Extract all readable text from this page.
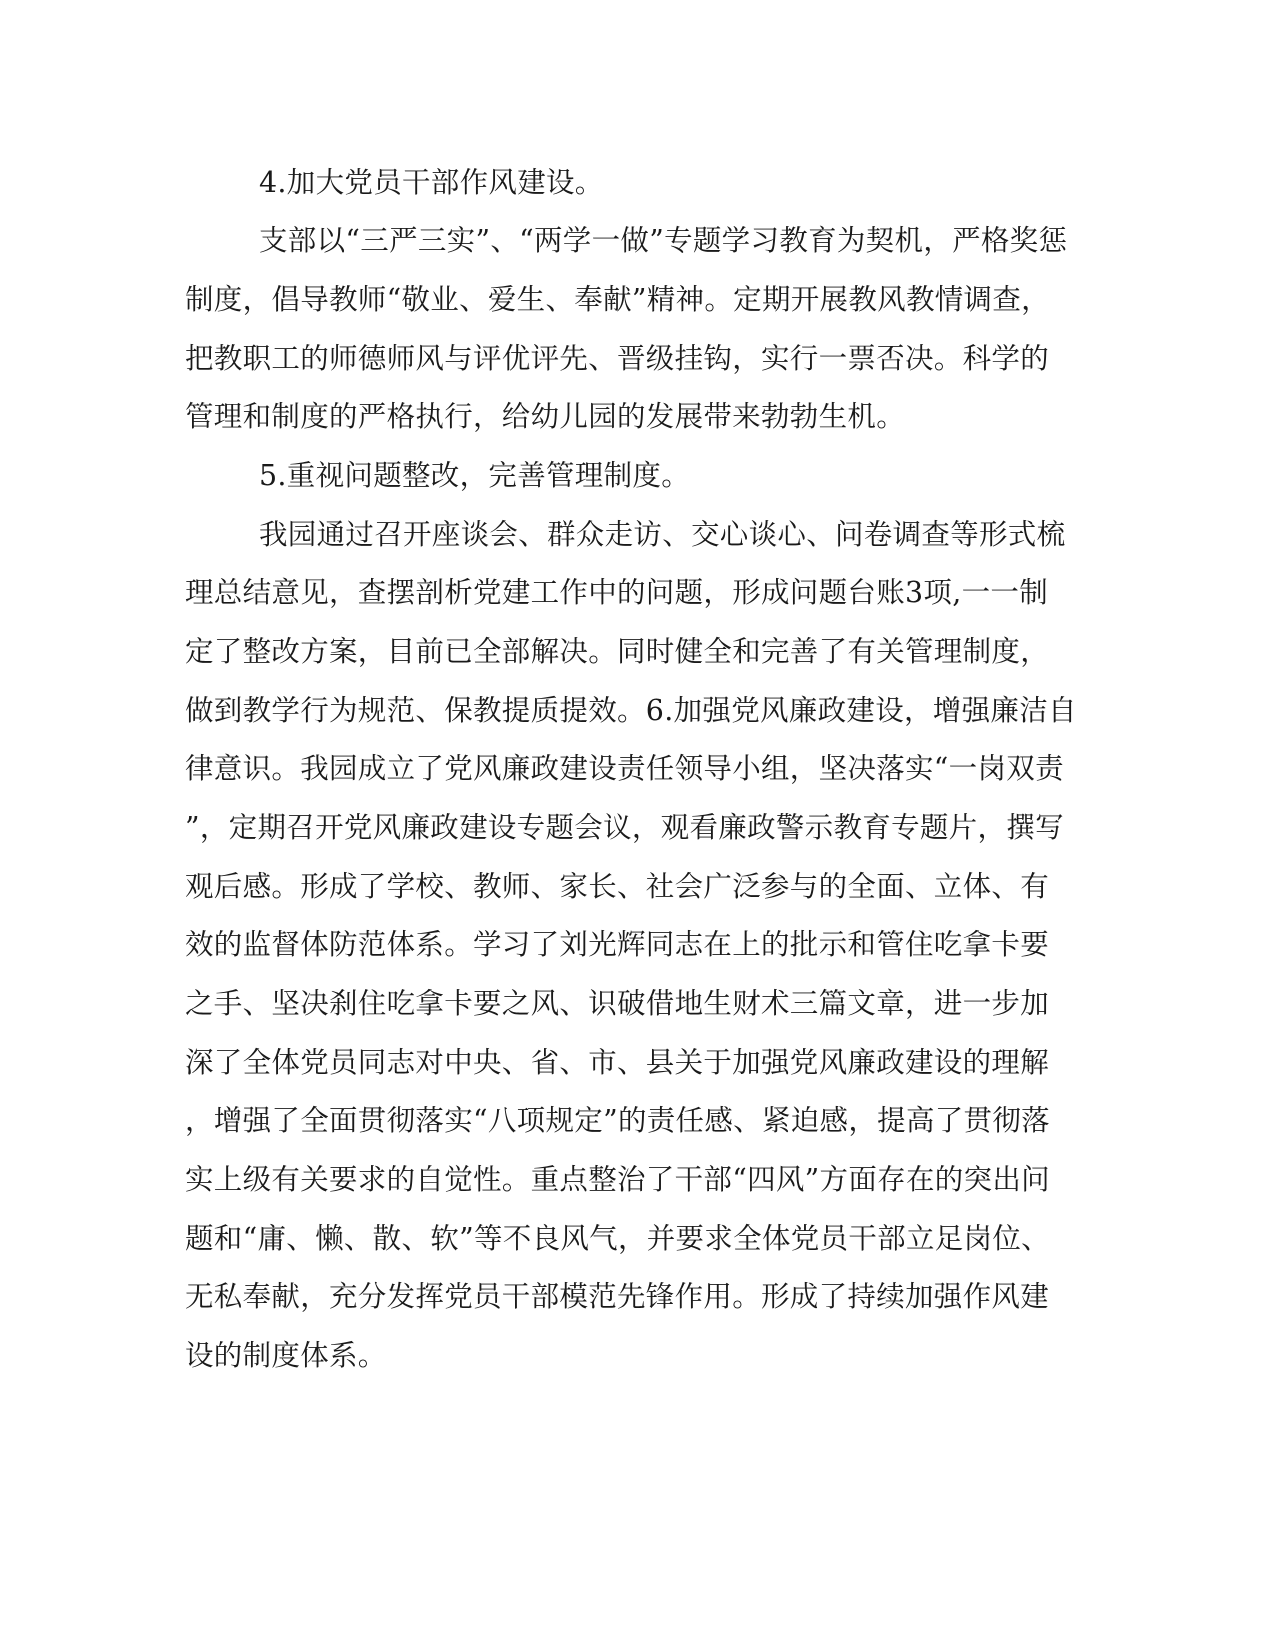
4.加大党员干部作风建设。
支部以“三严三实”、“两学一做”专题学习教育为契机，严格奖惩
制度，倡导教师“敬业、爱生、奉献”精神。定期开展教风教情调查，
把教职工的师德师风与评优评先、晋级挂钩，实行一票否决。科学的
管理和制度的严格执行，给幼儿园的发展带来勃勃生机。
5.重视问题整改，完善管理制度。
我园通过召开座谈会、群众走访、交心谈心、问卷调查等形式梳
理总结意见，查摆剖析党建工作中的问题，形成问题台账3项,一一制
定了整改方案，目前已全部解决。同时健全和完善了有关管理制度，
做到教学行为规范、保教提质提效。6.加强党风廉政建设，增强廉洁自
律意识。我园成立了党风廉政建设责任领导小组，坚决落实“一岗双责
”，定期召开党风廉政建设专题会议，观看廉政警示教育专题片，撰写
观后感。形成了学校、教师、家长、社会广泛参与的全面、立体、有
效的监督体防范体系。学习了刘光辉同志在上的批示和管住吃拿卡要
之手、坚决刹住吃拿卡要之风、识破借地生财术三篇文章，进一步加
深了全体党员同志对中央、省、市、县关于加强党风廉政建设的理解
，增强了全面贯彻落实“八项规定”的责任感、紧迫感，提高了贯彻落
实上级有关要求的自觉性。重点整治了干部“四风”方面存在的突出问
题和“庸、懒、散、软”等不良风气，并要求全体党员干部立足岗位、
无私奉献，充分发挥党员干部模范先锋作用。形成了持续加强作风建
设的制度体系。
